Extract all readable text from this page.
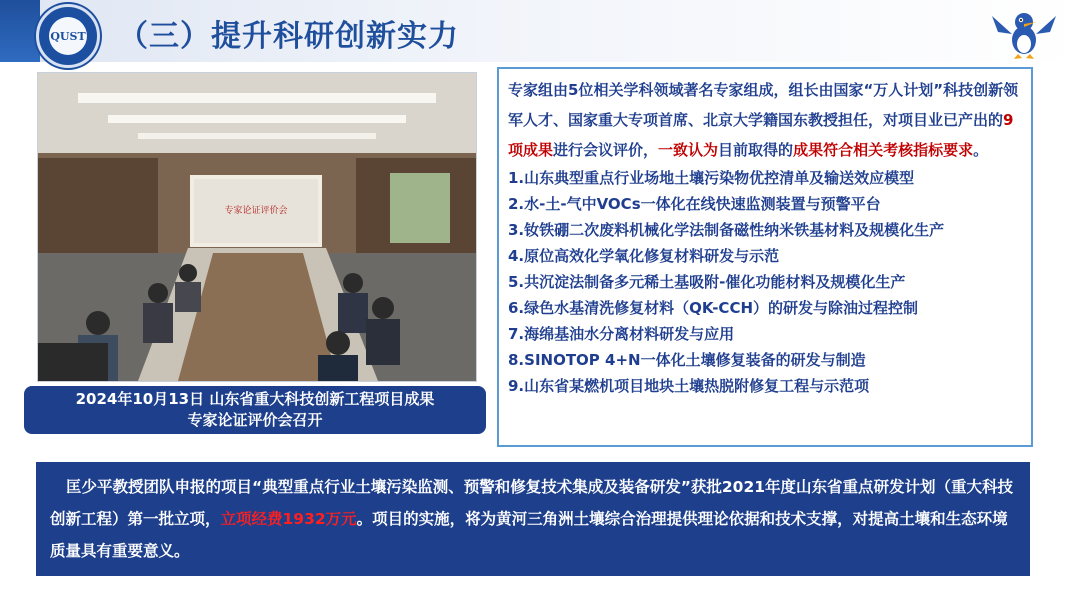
QUST （三）提升科研创新实力
专家论证评价会
2024年10月13日 山东省重大科技创新工程项目成果
专家论证评价会召开

专家组由5位相关学科领域著名专家组成，组长由国家“万人计划”科技创新领军人才、国家重大专项首席、北京大学籍国东教授担任，对项目业已产出的9项成果进行会议评价，一致认为目前取得的成果符合相关考核指标要求。

1.山东典型重点行业场地土壤污染物优控清单及输送效应模型
2.水-土-气中VOCs一体化在线快速监测装置与预警平台
3.钕铁硼二次废料机械化学法制备磁性纳米铁基材料及规模化生产
4.原位高效化学氧化修复材料研发与示范
5.共沉淀法制备多元稀土基吸附-催化功能材料及规模化生产
6.绿色水基清洗修复材料（QK-CCH）的研发与除油过程控制
7.海绵基油水分离材料研发与应用
8.SINOTOP 4+N一体化土壤修复装备的研发与制造
9.山东省某燃机项目地块土壤热脱附修复工程与示范项
匡少平教授团队申报的项目“典型重点行业土壤污染监测、预警和修复技术集成及装备研发”获批2021年度山东省重点研发计划（重大科技创新工程）第一批立项，立项经费1932万元。项目的实施，将为黄河三角洲土壤综合治理提供理论依据和技术支撑，对提高土壤和生态环境质量具有重要意义。
